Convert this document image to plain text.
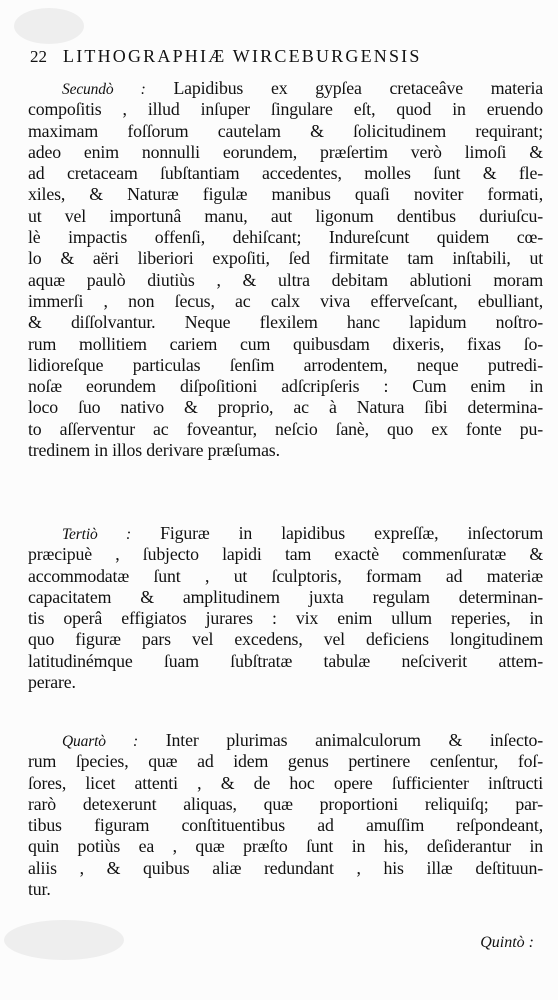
22 LITHOGRAPHIÆ WIRCEBURGENSIS
Secundò : Lapidibus ex gypſea cretaceâve materia
compoſitis , illud inſuper ſingulare eſt, quod in eruendo
maximam foſſorum cautelam & ſolicitudinem requirant;
adeo enim nonnulli eorundem, præſertim verò limoſi &
ad cretaceam ſubſtantiam accedentes, molles ſunt & fle-
xiles, & Naturæ figulæ manibus quaſi noviter formati,
ut vel importunâ manu, aut ligonum dentibus duriuſcu-
lè impactis offenſi, dehiſcant; Indureſcunt quidem cœ-
lo & aëri liberiori expoſiti, ſed firmitate tam inſtabili, ut
aquæ paulò diutiùs , & ultra debitam ablutioni moram
immerſi , non ſecus, ac calx viva efferveſcant, ebulliant,
& diſſolvantur. Neque flexilem hanc lapidum noſtro-
rum mollitiem cariem cum quibusdam dixeris, fixas ſo-
lidioreſque particulas ſenſim arrodentem, neque putredi-
noſæ eorundem diſpoſitioni adſcripſeris : Cum enim in
loco ſuo nativo & proprio, ac à Natura ſibi determina-
to aſſerventur ac foveantur, neſcio ſanè, quo ex fonte pu-
tredinem in illos derivare præſumas.
Tertiò : Figuræ in lapidibus expreſſæ, inſectorum
præcipuè , ſubjecto lapidi tam exactè commenſuratæ &
accommodatæ ſunt , ut ſculptoris, formam ad materiæ
capacitatem & amplitudinem juxta regulam determinan-
tis operâ effigiatos jurares : vix enim ullum reperies, in
quo figuræ pars vel excedens, vel deficiens longitudinem
latitudinémque ſuam ſubſtratæ tabulæ neſciverit attem-
perare.
Quartò : Inter plurimas animalculorum & inſecto-
rum ſpecies, quæ ad idem genus pertinere cenſentur, foſ-
ſores, licet attenti , & de hoc opere ſufficienter inſtructi
rarò detexerunt aliquas, quæ proportioni reliquiſq; par-
tibus figuram conſtituentibus ad amuſſim reſpondeant,
quin potiùs ea , quæ præſto ſunt in his, deſiderantur in
aliis , & quibus aliæ redundant , his illæ deſtituun-
tur.
Quintò :
